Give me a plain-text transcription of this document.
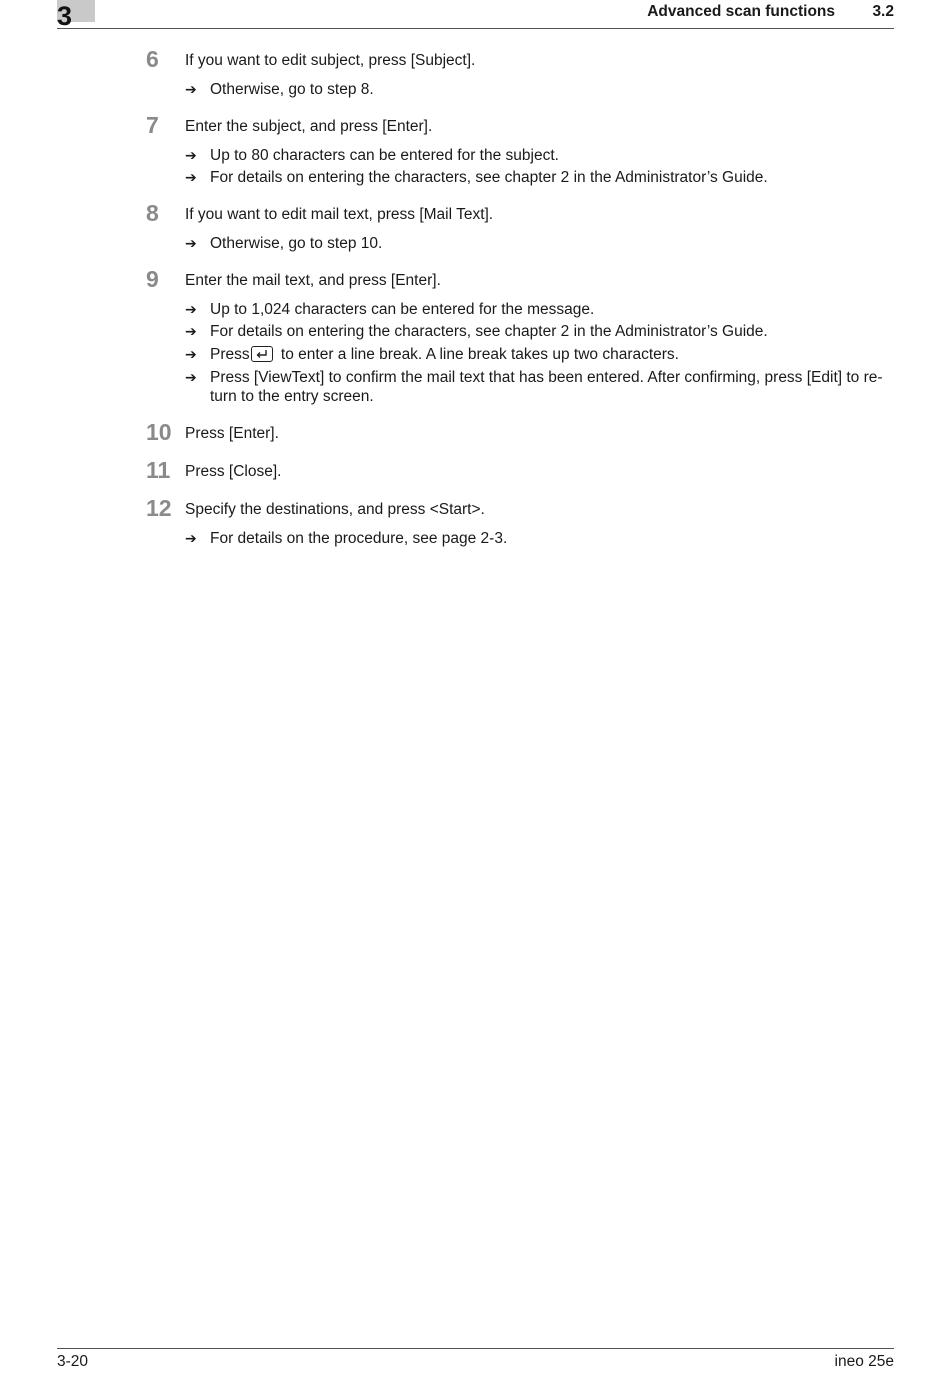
3	Advanced scan functions 3.2
6 If you want to edit subject, press [Subject].
➔ Otherwise, go to step 8.
7 Enter the subject, and press [Enter].
➔ Up to 80 characters can be entered for the subject.
➔ For details on entering the characters, see chapter 2 in the Administrator’s Guide.
8 If you want to edit mail text, press [Mail Text].
➔ Otherwise, go to step 10.
9 Enter the mail text, and press [Enter].
➔ Up to 1,024 characters can be entered for the message.
➔ For details on entering the characters, see chapter 2 in the Administrator’s Guide.
➔ Press
to enter a line break. A line break takes up two characters.
➔ Press [ViewText] to confirm the mail text that has been entered. After confirming, press [Edit] to re-turn to the entry screen.
10 Press [Enter].
11 Press [Close].
12 Specify the destinations, and press <Start>.
➔ For details on the procedure, see page 2-3.
3-20	ineo 25e
